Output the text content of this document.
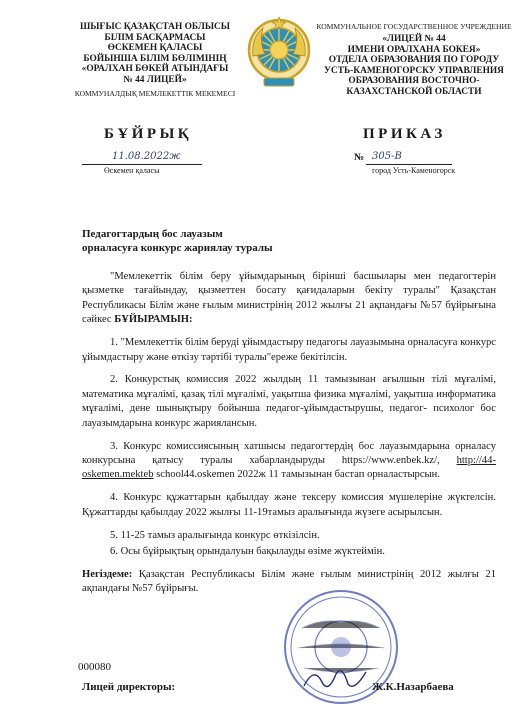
ШЫҒЫС ҚАЗАҚСТАН ОБЛЫСЫ
БІЛІМ БАСҚАРМАСЫ
ӨСКЕМЕН ҚАЛАСЫ
БОЙЫНША БІЛІМ БӨЛІМІНІҢ
«ОРАЛХАН БӨКЕЙ АТЫНДАҒЫ
№ 44 ЛИЦЕЙ»
КОММУНАЛДЫҚ МЕМЛЕКЕТТІК МЕКЕМЕСІ
КОММУНАЛЬНОЕ ГОСУДАРСТВЕННОЕ УЧРЕЖДЕНИЕ
«ЛИЦЕЙ № 44
ИМЕНИ ОРАЛХАНА БОКЕЯ»
ОТДЕЛА ОБРАЗОВАНИЯ ПО ГОРОДУ
УСТЬ-КАМЕНОГОРСКУ УПРАВЛЕНИЯ
ОБРАЗОВАНИЯ ВОСТОЧНО-
КАЗАХСТАНСКОЙ ОБЛАСТИ
БҰЙРЫҚ	ПРИКАЗ
11.08.2022ж
Өскемен қаласы
№ 305-В
город Усть-Каменогорск
Педагогтардың бос лауазым
орналасуға конкурс жариялау туралы

"Мемлекеттік білім беру ұйымдарының бірінші басшылары мен педагогтерін қызметке тағайындау, қызметтен босату қағидаларын бекіту туралы" Қазақстан Республикасы Білім және ғылым министрінің 2012 жылғы 21 ақпандағы №57 бұйрығына сәйкес БҰЙЫРАМЫН:

1. "Мемлекеттік білім беруді ұйымдастыру педагогы лауазымына орналасуға конкурс ұйымдастыру және өткізу тәртібі туралы"ереже бекітілсін.

2. Конкурстық комиссия 2022 жылдың 11 тамызынан ағылшын тілі мұғалімі, математика мұғалімі, қазақ тілі мұғалімі, уақытша физика мұғалімі, уақытша информатика мұғалімі, дене шынықтыру бойынша педагог-ұйымдастырушы, педагог- психолог бос лауазымдарына конкурс жариялансын.

3. Конкурс комиссиясының хатшысы педагогтердің бос лауазымдарына орналасу конкурсына қатысу туралы хабарландыруды https://www.enbek.kz/, http://44-oskemen.mekteb school44.oskemen 2022ж 11 тамызынан бастап орналастырсын.

4. Конкурс құжаттарын қабылдау және тексеру комиссия мүшелеріне жүктелсін. Құжаттарды қабылдау 2022 жылғы 11-19тамыз аралығында жүзеге асырылсын.

5. 11-25 тамыз аралығында конкурс өткізілсін.

6. Осы бұйрықтың орындалуын бақылауды өзіме жүктеймін.

Негіздеме: Қазақстан Республикасы Білім және ғылым министрінің 2012 жылғы 21 ақпандағы №57 бұйрығы.

000080
Лицей директоры:	Ж.К.Назарбаева
